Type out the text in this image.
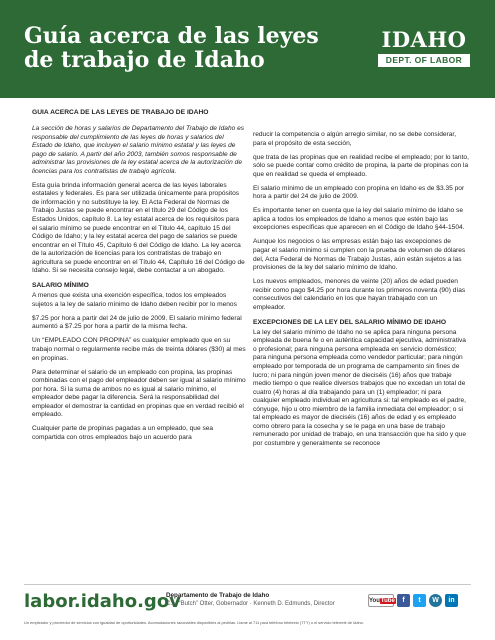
Guía acerca de las leyes de trabajo de Idaho
IDAHO
DEPT. OF LABOR
GUIA ACERCA DE LAS LEYES DE TRABAJO DE IDAHO

La sección de horas y salarios de Departamento del Trabajo de Idaho es responsable del cumplimiento de las leyes de horas y salarios del Estado de Idaho, que incluyen el salario mínimo estatal y las leyes de pago de salario. A partir del año 2003, también somos responsable de administrar las provisiones de la ley estatal acerca de la autorización de licencias para los contratistas de trabajo agrícola.

Esta guía brinda información general acerca de las leyes laborales estatales y federales. Es para ser utilizada únicamente para propósitos de información y no substituye la ley. El Acta Federal de Normas de Trabajo Justas se puede encontrar en el título 29 del Código de los Estados Unidos, capítulo 8. La ley estatal acerca de los requisitos para el salario mínimo se puede encontrar en el Título 44, capítulo 15 del Código de Idaho; y la ley estatal acerca del pago de salarios se puede encontrar en el Título 45, Capítulo 6 del Código de Idaho. La ley acerca de la autorización de licencias para los contratistas de trabajo en agricultura se puede encontrar en el Título 44, Capítulo 16 del Código de Idaho. Si se necesita consejo legal, debe contactar a un abogado.

SALARIO MÍNIMO

A menos que exista una exención específica, todos los empleados sujetos a la ley de salario mínimo de Idaho deben recibir por lo menos

$7.25 por hora a partir del 24 de julio de 2009. El salario mínimo federal aumentó a $7.25 por hora a partir de la misma fecha.

Un “EMPLEADO CON PROPINA” es cualquier empleado que en su trabajo normal o regularmente recibe más de treinta dólares ($30) al mes en propinas.

Para determinar el salario de un empleado con propina, las propinas combinadas con el pago del empleador deben ser igual al salario mínimo por hora. Si la suma de ambos no es igual al salario mínimo, el empleador debe pagar la diferencia. Será la responsabilidad del empleador el demostrar la cantidad en propinas que en verdad recibió el empleado.

Cualquier parte de propinas pagadas a un empleado, que sea compartida con otros empleados bajo un acuerdo para

reducir la competencia o algún arreglo similar, no se debe considerar, para el propósito de esta sección,

que trata de las propinas que en realidad recibe el empleado; por lo tanto, sólo se puede contar como crédito de propina, la parte de propinas con la que en realidad se queda el empleado.

El salario mínimo de un empleado con propina en Idaho es de $3.35 por hora a partir del 24 de julio de 2009.

Es importante tener en cuenta que la ley del salario mínimo de Idaho se aplica a todos los empleados de Idaho a menos que estén bajo las excepciones específicas que aparecen en el Código de Idaho §44-1504.

Aunque los negocios o las empresas están bajo las excepciones de pagar el salario mínimo si cumplen con la prueba de volumen de dólares del, Acta Federal de Normas de Trabajo Justas, aún están sujetos a las provisiones de la ley del salario mínimo de Idaho.

Los nuevos empleados, menores de veinte (20) años de edad pueden recibir como pago $4.25 por hora durante los primeros noventa (90) días consecutivos del calendario en los que hayan trabajado con un empleador.

EXCEPCIONES DE LA LEY DEL SALARIO MÍNIMO DE IDAHO

La ley del salario mínimo de Idaho no se aplica para ninguna persona empleada de buena fe o en auténtica capacidad ejecutiva, administrativa o profesional; para ninguna persona empleada en servicio doméstico; para ninguna persona empleada como vendedor particular; para ningún empleado por temporada de un programa de campamento sin fines de lucro; ni para ningún joven menor de dieciséis (16) años que trabaje medio tiempo o que realice diversos trabajos que no excedan un total de cuatro (4) horas al día trabajando para un (1) empleador; ni para cualquier empleado individual en agricultura si: tal empleado es el padre, cónyuge, hijo u otro miembro de la familia inmediata del empleador; o si tal empleado es mayor de dieciséis (16) años de edad y es empleado como obrero para la cosecha y se le paga en una base de trabajo remunerado por unidad de trabajo, en una transacción que ha sido y que por costumbre y generalmente se reconoce

labor.idaho.gov
Departamento de Trabajo de Idaho
C.L. “Butch” Otter, Gobernador · Kenneth D. Edmunds, Director	YouTube	f	t	W	in
Un empleador y proveedor de servicios con igualdad de oportunidades. Acomodaciones razonables disponibles al pedirlas. Llame al 711 para teléfono teletexto (TTY) o el servicio telerrelé de Idaho.
